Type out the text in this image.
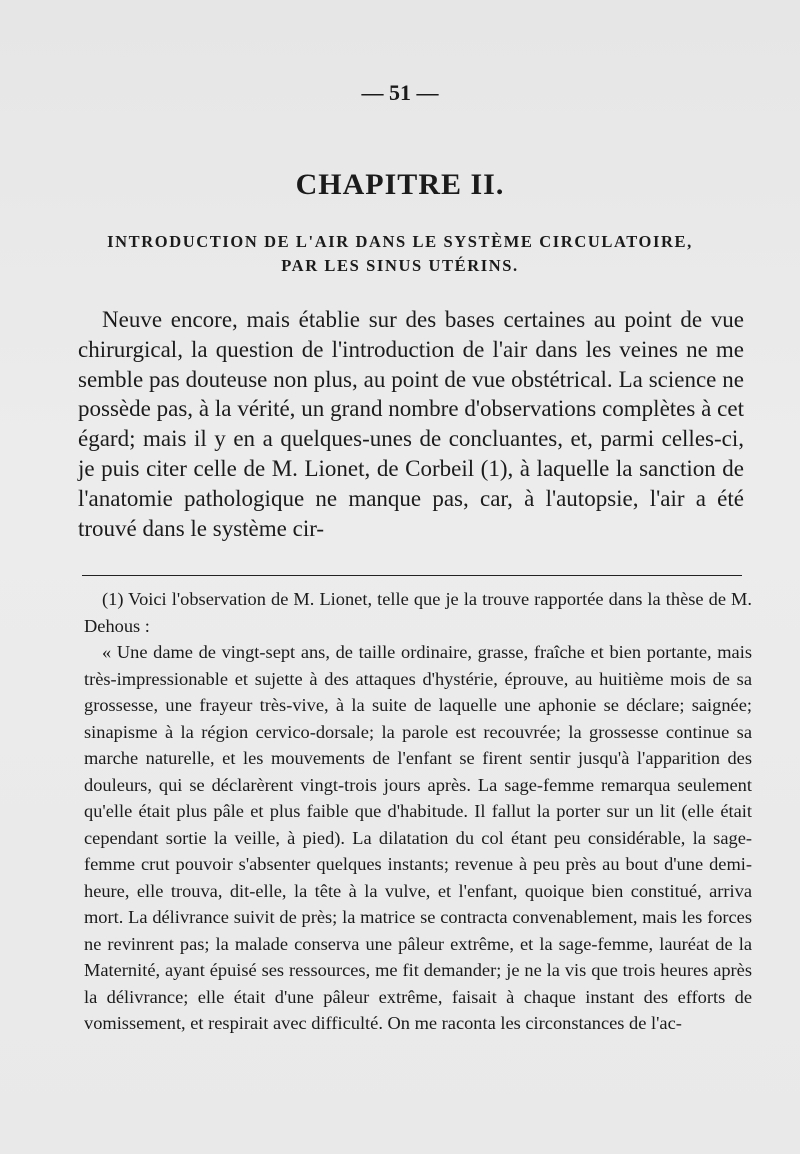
— 51 —
CHAPITRE II.
INTRODUCTION DE L'AIR DANS LE SYSTÈME CIRCULATOIRE,
PAR LES SINUS UTÉRINS.

Neuve encore, mais établie sur des bases certaines au point de vue chirurgical, la question de l'introduction de l'air dans les veines ne me semble pas douteuse non plus, au point de vue obstétrical. La science ne possède pas, à la vérité, un grand nombre d'observations complètes à cet égard; mais il y en a quelques-unes de concluantes, et, parmi celles-ci, je puis citer celle de M. Lionet, de Corbeil (1), à laquelle la sanction de l'anatomie pathologique ne manque pas, car, à l'autopsie, l'air a été trouvé dans le système cir-

(1) Voici l'observation de M. Lionet, telle que je la trouve rapportée dans la thèse de M. Dehous :

« Une dame de vingt-sept ans, de taille ordinaire, grasse, fraîche et bien portante, mais très-impressionable et sujette à des attaques d'hystérie, éprouve, au huitième mois de sa grossesse, une frayeur très-vive, à la suite de laquelle une aphonie se déclare; saignée; sinapisme à la région cervico-dorsale; la parole est recouvrée; la grossesse continue sa marche naturelle, et les mouvements de l'enfant se firent sentir jusqu'à l'apparition des douleurs, qui se déclarèrent vingt-trois jours après. La sage-femme remarqua seulement qu'elle était plus pâle et plus faible que d'habitude. Il fallut la porter sur un lit (elle était cependant sortie la veille, à pied). La dilatation du col étant peu considérable, la sage-femme crut pouvoir s'absenter quelques instants; revenue à peu près au bout d'une demi-heure, elle trouva, dit-elle, la tête à la vulve, et l'enfant, quoique bien constitué, arriva mort. La délivrance suivit de près; la matrice se contracta convenablement, mais les forces ne revinrent pas; la malade conserva une pâleur extrême, et la sage-femme, lauréat de la Maternité, ayant épuisé ses ressources, me fit demander; je ne la vis que trois heures après la délivrance; elle était d'une pâleur extrême, faisait à chaque instant des efforts de vomissement, et respirait avec difficulté. On me raconta les circonstances de l'ac-
